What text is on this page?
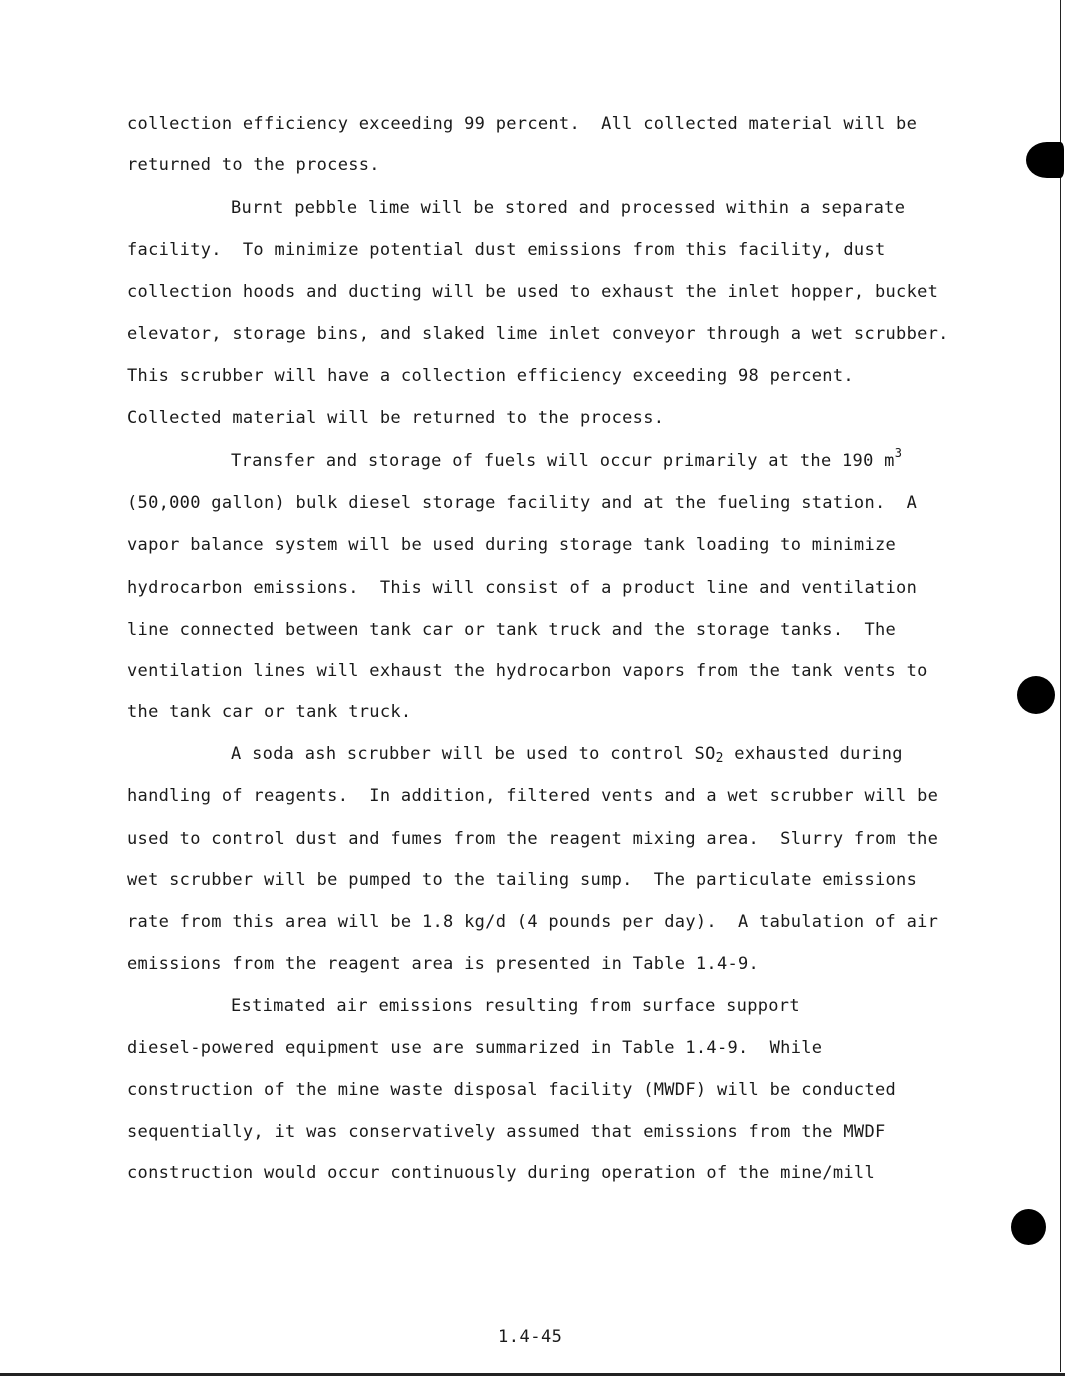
collection efficiency exceeding 99 percent.  All collected material will be
returned to the process.
Burnt pebble lime will be stored and processed within a separate
facility.  To minimize potential dust emissions from this facility, dust
collection hoods and ducting will be used to exhaust the inlet hopper, bucket
elevator, storage bins, and slaked lime inlet conveyor through a wet scrubber.
This scrubber will have a collection efficiency exceeding 98 percent.
Collected material will be returned to the process.
Transfer and storage of fuels will occur primarily at the 190 $m^3$
(50,000 gallon) bulk diesel storage facility and at the fueling station.  A
vapor balance system will be used during storage tank loading to minimize
hydrocarbon emissions.  This will consist of a product line and ventilation
line connected between tank car or tank truck and the storage tanks.  The
ventilation lines will exhaust the hydrocarbon vapors from the tank vents to
the tank car or tank truck.
A soda ash scrubber will be used to control $SO_2$ exhausted during
handling of reagents.  In addition, filtered vents and a wet scrubber will be
used to control dust and fumes from the reagent mixing area.  Slurry from the
wet scrubber will be pumped to the tailing sump.  The particulate emissions
rate from this area will be 1.8 kg/d (4 pounds per day).  A tabulation of air
emissions from the reagent area is presented in Table 1.4-9.
Estimated air emissions resulting from surface support
diesel-powered equipment use are summarized in Table 1.4-9.  While
construction of the mine waste disposal facility (MWDF) will be conducted
sequentially, it was conservatively assumed that emissions from the MWDF
construction would occur continuously during operation of the mine/mill
1.4-45
